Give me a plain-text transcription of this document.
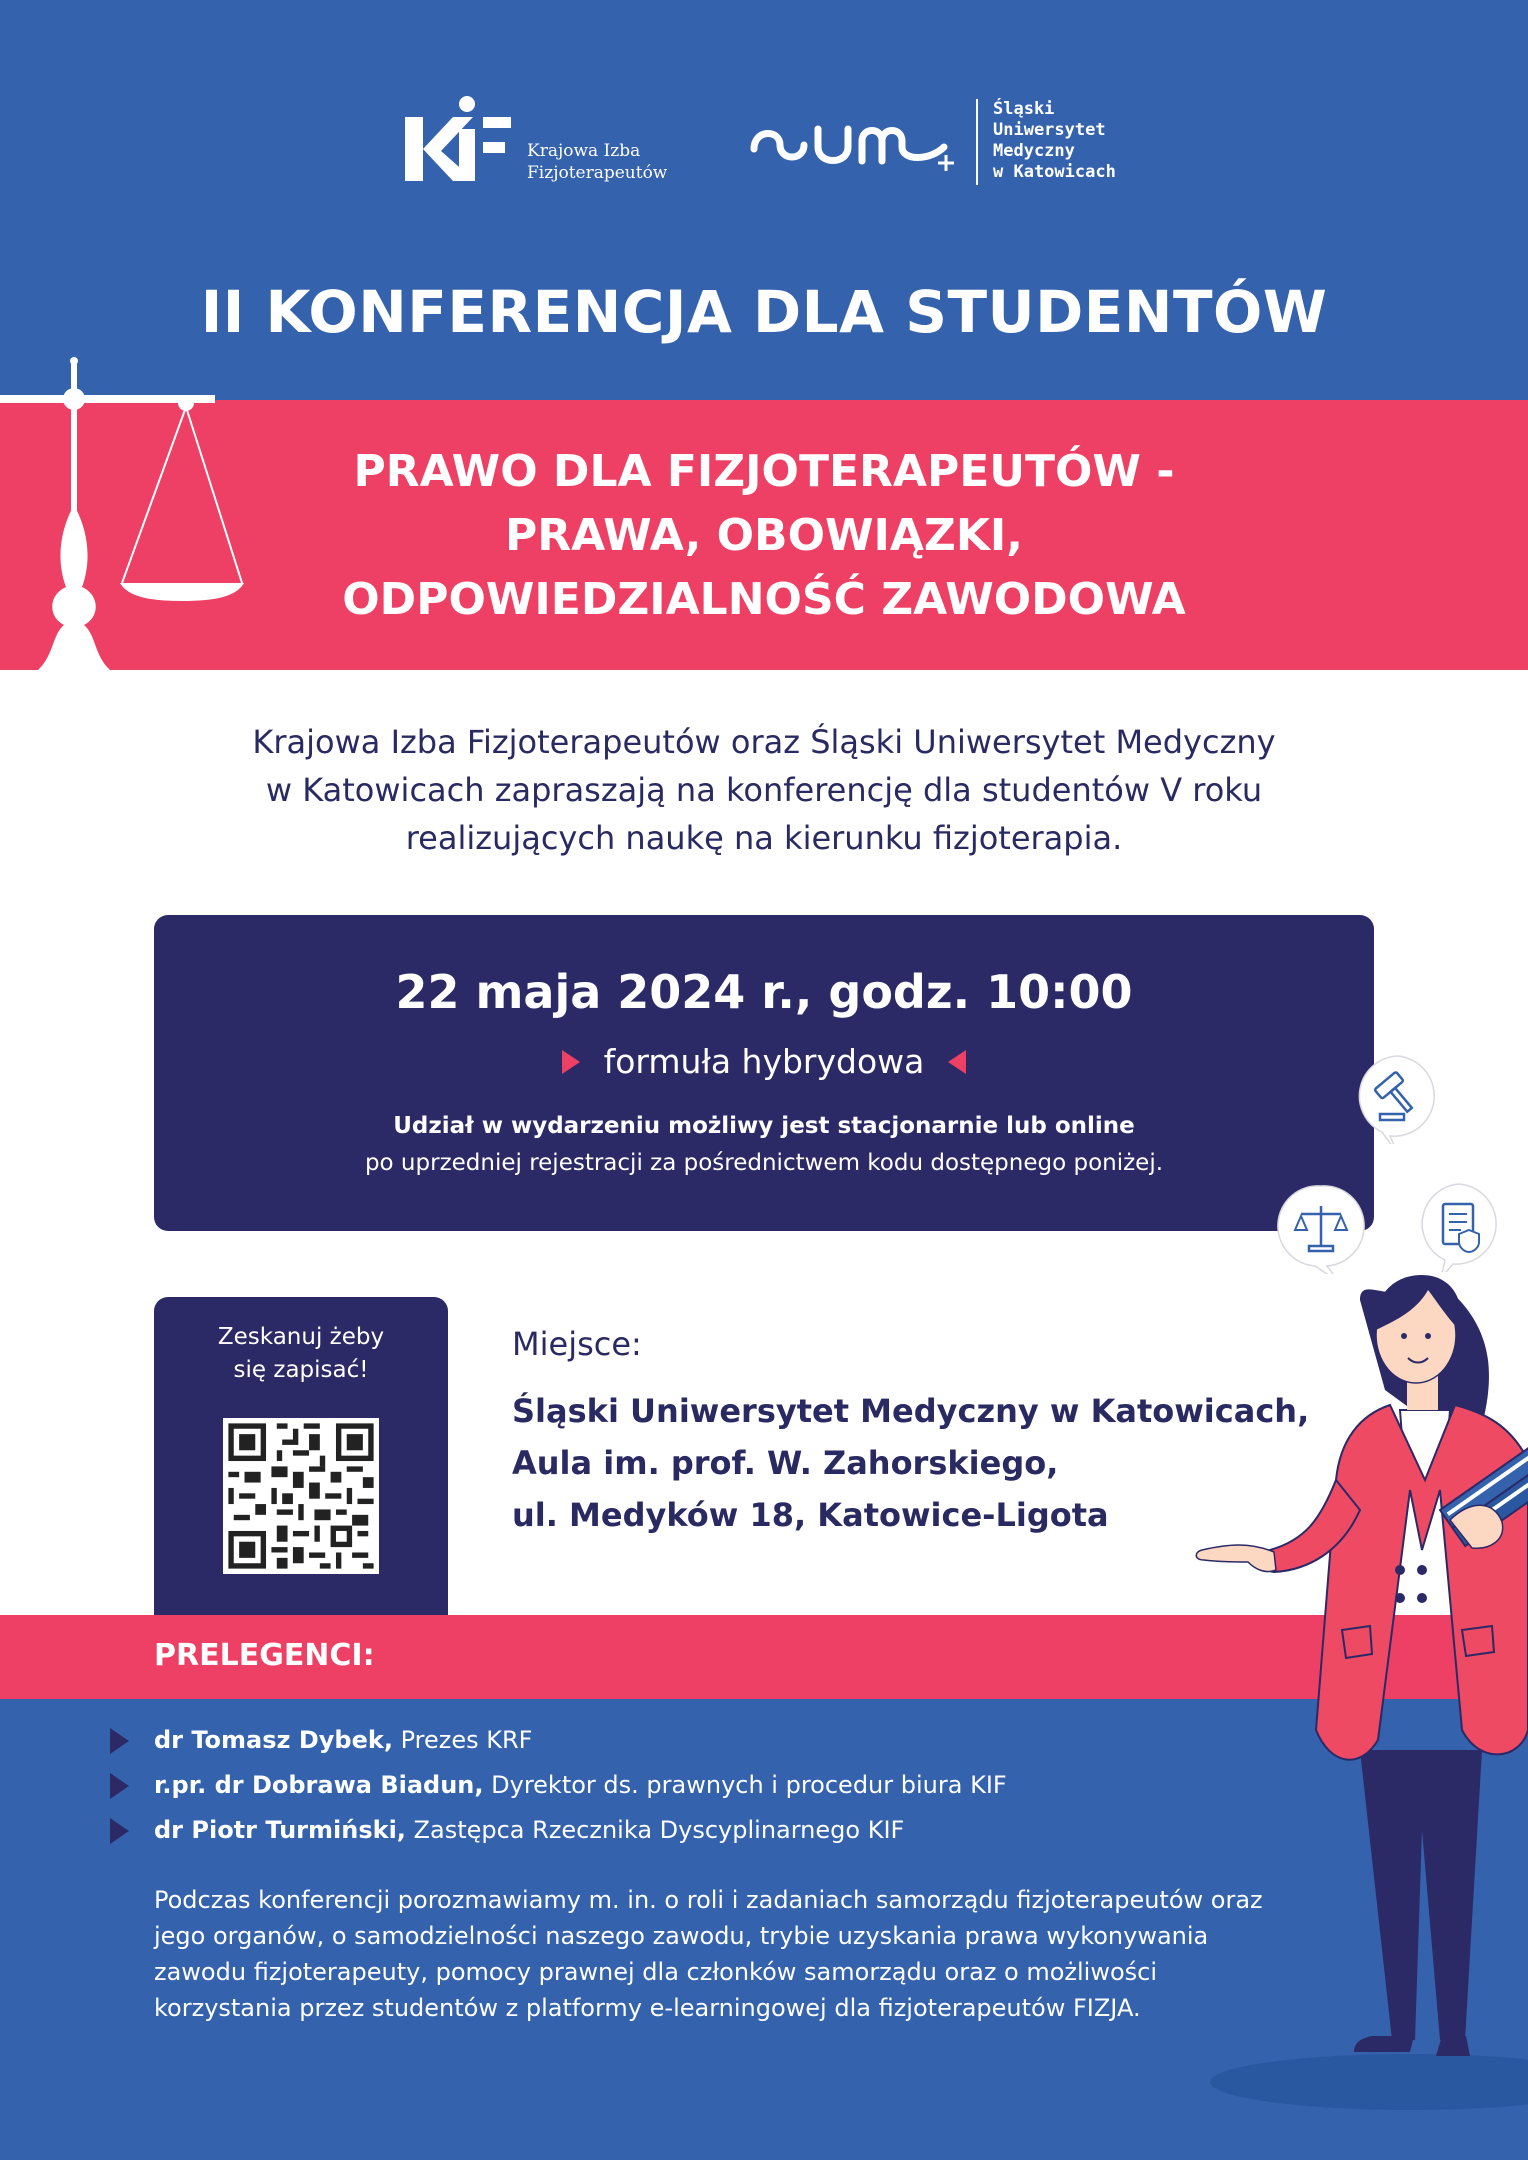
Krajowa Izba
Fizjoterapeutów
Śląski
Uniwersytet
Medyczny
w Katowicach
II KONFERENCJA DLA STUDENTÓW
PRAWO DLA FIZJOTERAPEUTÓW -
PRAWA, OBOWIĄZKI,
ODPOWIEDZIALNOŚĆ ZAWODOWA
Krajowa Izba Fizjoterapeutów oraz Śląski Uniwersytet Medyczny
w Katowicach zapraszają na konferencję dla studentów V roku
realizujących naukę na kierunku fizjoterapia.
22 maja 2024 r., godz. 10:00
formuła hybrydowa
Udział w wydarzeniu możliwy jest stacjonarnie lub online
po uprzedniej rejestracji za pośrednictwem kodu dostępnego poniżej.
Zeskanuj żeby
się zapisać!
Miejsce:
Śląski Uniwersytet Medyczny w Katowicach,
Aula im. prof. W. Zahorskiego,
ul. Medyków 18, Katowice-Ligota
PRELEGENCI:
dr Tomasz Dybek, Prezes KRF
r.pr. dr Dobrawa Biadun, Dyrektor ds. prawnych i procedur biura KIF
dr Piotr Turmiński, Zastępca Rzecznika Dyscyplinarnego KIF
Podczas konferencji porozmawiamy m. in. o roli i zadaniach samorządu fizjoterapeutów oraz
jego organów, o samodzielności naszego zawodu, trybie uzyskania prawa wykonywania
zawodu fizjoterapeuty, pomocy prawnej dla członków samorządu oraz o możliwości
korzystania przez studentów z platformy e-learningowej dla fizjoterapeutów FIZJA.
